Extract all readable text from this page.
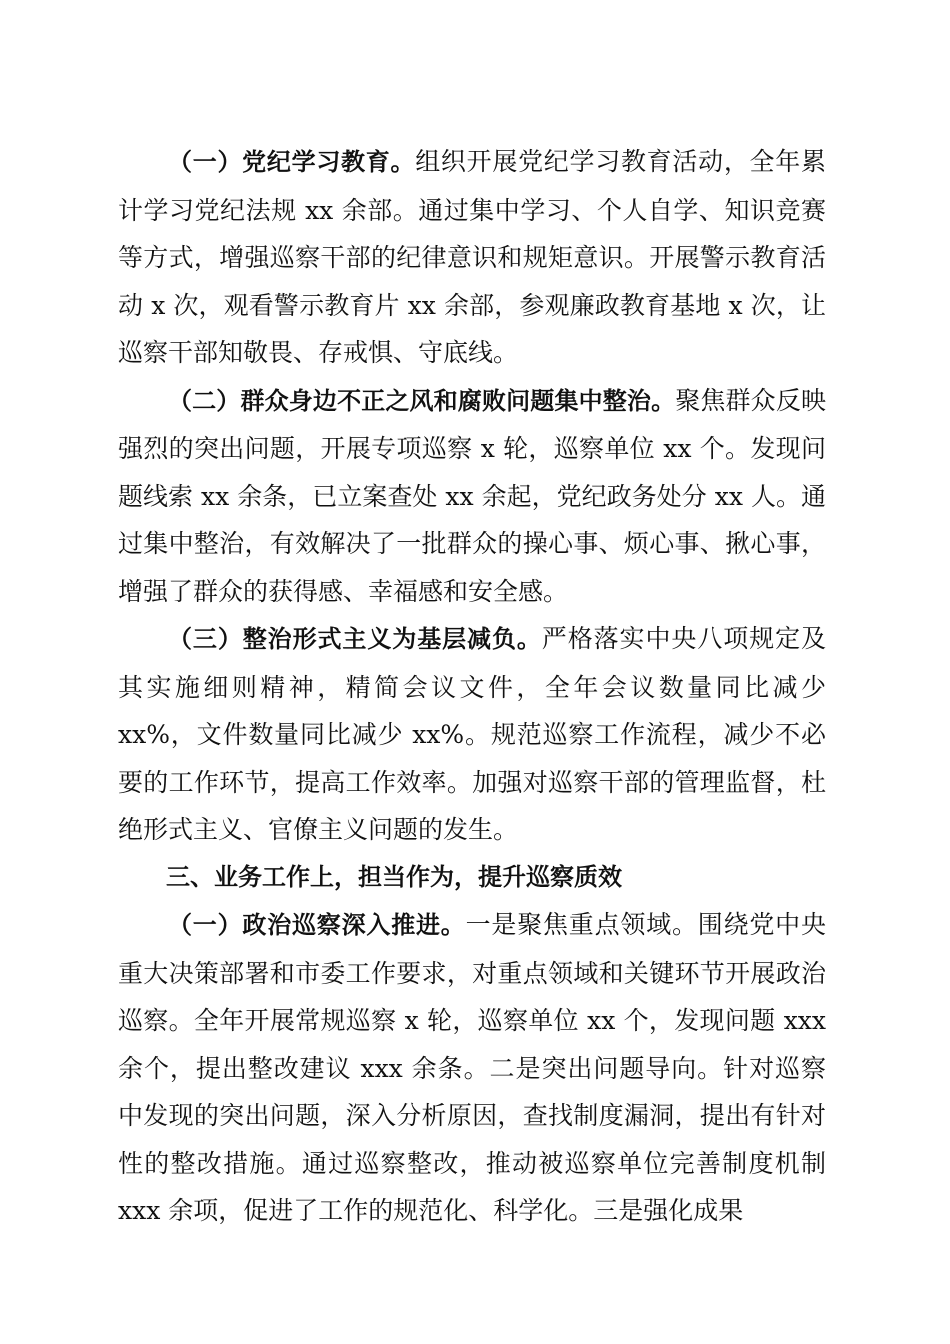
（一）党纪学习教育。组织开展党纪学习教育活动，全年累计学习党纪法规 xx 余部。通过集中学习、个人自学、知识竞赛等方式，增强巡察干部的纪律意识和规矩意识。开展警示教育活动 x 次，观看警示教育片 xx 余部，参观廉政教育基地 x 次，让巡察干部知敬畏、存戒惧、守底线。

（二）群众身边不正之风和腐败问题集中整治。聚焦群众反映强烈的突出问题，开展专项巡察 x 轮，巡察单位 xx 个。发现问题线索 xx 余条，已立案查处 xx 余起，党纪政务处分 xx 人。通过集中整治，有效解决了一批群众的操心事、烦心事、揪心事，增强了群众的获得感、幸福感和安全感。

（三）整治形式主义为基层减负。严格落实中央八项规定及其实施细则精神，精简会议文件，全年会议数量同比减少 xx%，文件数量同比减少 xx%。规范巡察工作流程，减少不必要的工作环节，提高工作效率。加强对巡察干部的管理监督，杜绝形式主义、官僚主义问题的发生。

三、业务工作上，担当作为，提升巡察质效

（一）政治巡察深入推进。一是聚焦重点领域。围绕党中央重大决策部署和市委工作要求，对重点领域和关键环节开展政治巡察。全年开展常规巡察 x 轮，巡察单位 xx 个，发现问题 xxx 余个，提出整改建议 xxx 余条。二是突出问题导向。针对巡察中发现的突出问题，深入分析原因，查找制度漏洞，提出有针对性的整改措施。通过巡察整改，推动被巡察单位完善制度机制 xxx 余项，促进了工作的规范化、科学化。三是强化成果
